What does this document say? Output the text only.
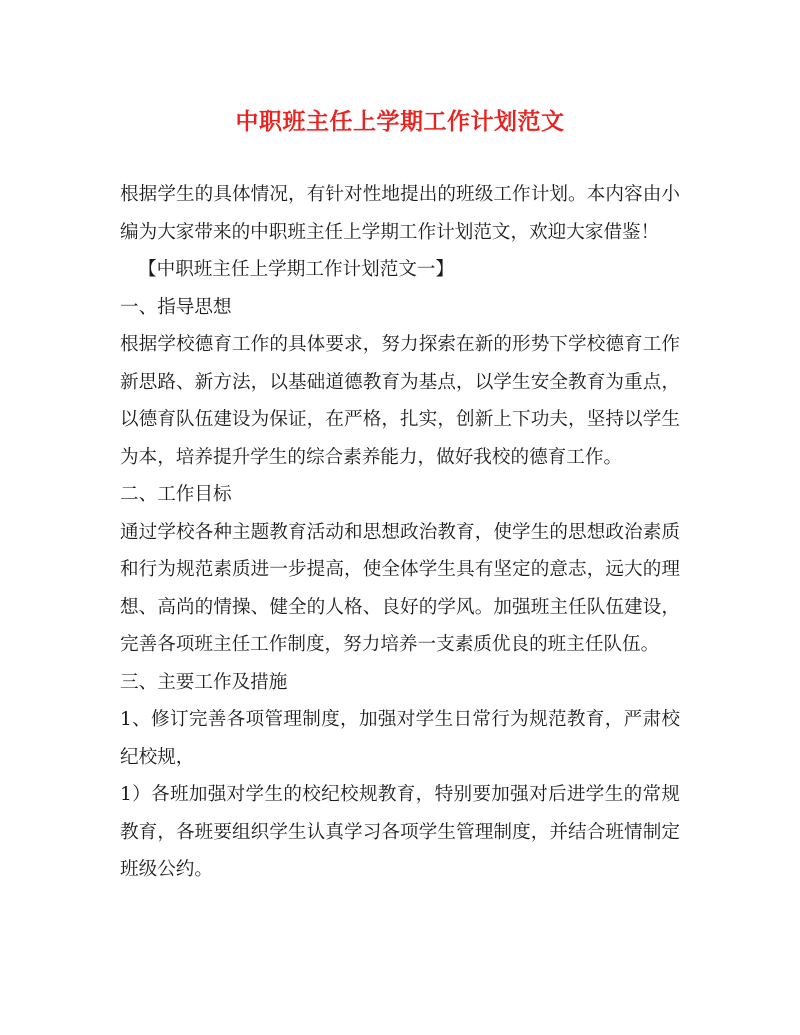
中职班主任上学期工作计划范文

根据学生的具体情况，有针对性地提出的班级工作计划。本内容由小编为大家带来的中职班主任上学期工作计划范文，欢迎大家借鉴！

【中职班主任上学期工作计划范文一】

一、指导思想

根据学校德育工作的具体要求，努力探索在新的形势下学校德育工作新思路、新方法，以基础道德教育为基点，以学生安全教育为重点，以德育队伍建设为保证，在严格，扎实，创新上下功夫，坚持以学生为本，培养提升学生的综合素养能力，做好我校的德育工作。

二、工作目标

通过学校各种主题教育活动和思想政治教育，使学生的思想政治素质和行为规范素质进一步提高，使全体学生具有坚定的意志，远大的理想、高尚的情操、健全的人格、良好的学风。加强班主任队伍建设，完善各项班主任工作制度，努力培养一支素质优良的班主任队伍。

三、主要工作及措施

1、修订完善各项管理制度，加强对学生日常行为规范教育，严肃校纪校规，

1）各班加强对学生的校纪校规教育，特别要加强对后进学生的常规教育，各班要组织学生认真学习各项学生管理制度，并结合班情制定班级公约。
